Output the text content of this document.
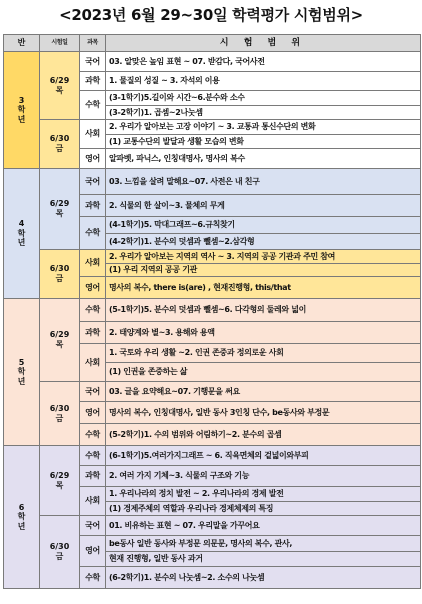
<2023년 6월 29~30일 학력평가 시험범위>
반	시험일	과목	시 험 범 위

3
학
년	6/29
목	국어	03. 알맞은 높임 표현 ~ 07. 받감다, 국어사전
		과학	1. 물질의 성질 ~ 3. 자석의 이용
		수학	(3-1학기)5.길이와 시간~6.분수와 소수
			(3-2학기)1. 곱셈~2나눗셈

	6/30
금	사회	2. 우리가 알아보는 고장 이야기 ~ 3. 교통과 통신수단의 변화
			(1) 교통수단의 발달과 생활 모습의 변화
		영어	알파벳, 파닉스, 인칭대명사, 명사의 복수

4
학
년	6/29
목	국어	03. 느낌을 살려 말해요~07. 사전은 내 친구
		과학	2. 식물의 한 살이~3. 물체의 무게
		수학	(4-1학기)5. 막대그래프~6.규칙찾기
			(4-2학기)1. 분수의 덧셈과 뺄셈~2.삼각형

	6/30
금	사회	2. 우리가 알아보는 지역의 역사 ~ 3. 지역의 공공 기관과 주민 참여
			(1) 우리 지역의 공공 기관
		영어	명사의 복수, there is(are) , 현재진행형, this/that

5
학
년	6/29
목	수학	(5-1학기)5. 분수의 덧셈과 뺄셈~6. 다각형의 둘레와 넓이
		과학	2. 태양계와 별~3. 용해와 용액
		사회	1. 국토와 우리 생활 ~2. 인권 존중과 정의로운 사회
			(1) 인권을 존중하는 삶

	6/30
금	국어	03. 글을 요약해요~07. 기행문을 써요
		영어	명사의 복수, 인칭대명사, 일반 동사 3인칭 단수, be동사와 부정문
		수학	(5-2학기)1. 수의 범위와 어림하기~2. 분수의 곱셈

6
학
년	6/29
목	수학	(6-1학기)5.여러가지그래프 ~ 6. 직육면체의 겉넓이와부피
		과학	2. 여러 가지 기체~3. 식물의 구조와 기능
		사회	1. 우리나라의 정치 발전 ~ 2. 우리나라의 경제 발전
			(1) 경제주체의 역할과 우리나라 경제체제의 특징

	6/30
금	국어	01. 비유하는 표현 ~ 07. 우리말을 가꾸어요
		영어	be동사 일반 동사와 부정문 의문문, 명사의 복수, 관사,
			현재 진행형, 일반 동사 과거
		수학	(6-2학기)1. 분수의 나눗셈~2. 소수의 나눗셈
